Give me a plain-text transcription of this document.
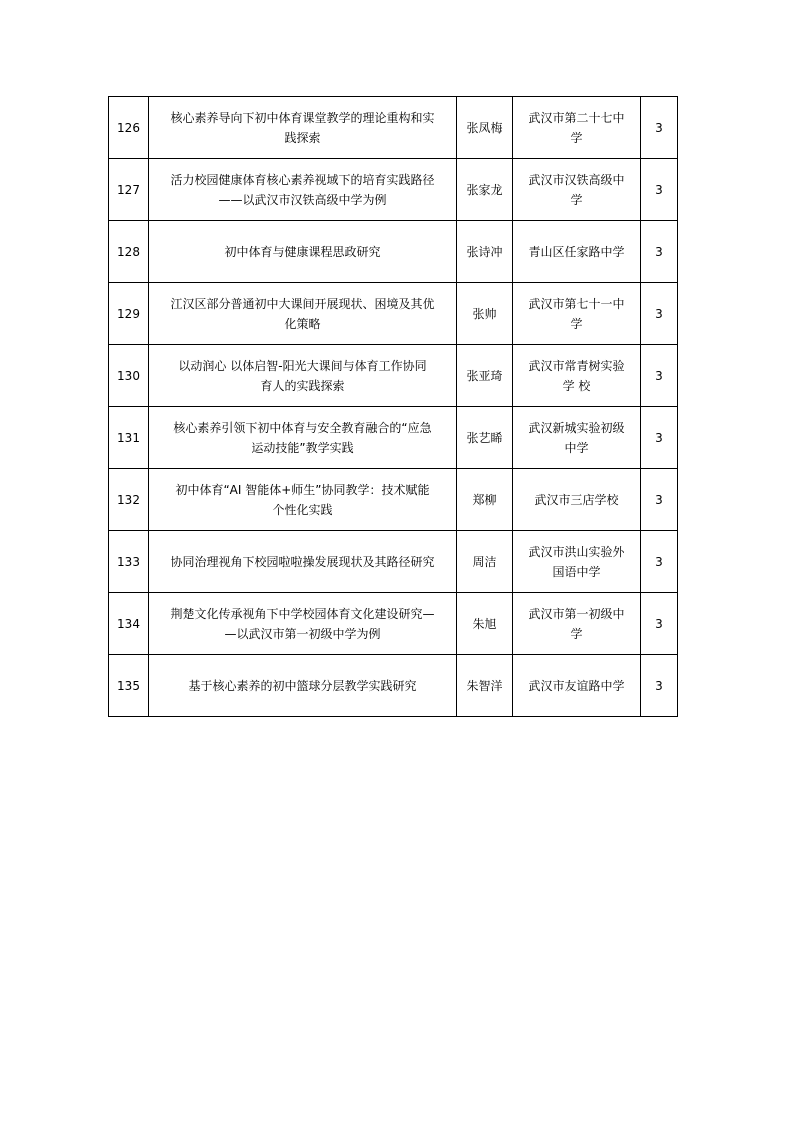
126	核心素养导向下初中体育课堂教学的理论重构和实
践探索	张凤梅	武汉市第二十七中
学	3
127	活力校园健康体育核心素养视域下的培育实践路径
——以武汉市汉铁高级中学为例	张家龙	武汉市汉铁高级中
学	3
128	初中体育与健康课程思政研究	张诗冲	青山区任家路中学	3
129	江汉区部分普通初中大课间开展现状、困境及其优
化策略	张帅	武汉市第七十一中
学	3
130	以动润心 以体启智-阳光大课间与体育工作协同
育人的实践探索	张亚琦	武汉市常青树实验
学 校	3
131	核心素养引领下初中体育与安全教育融合的“应急
运动技能”教学实践	张艺睎	武汉新城实验初级
中学	3
132	初中体育“AI 智能体+师生”协同教学：技术赋能
个性化实践	郑柳	武汉市三店学校	3
133	协同治理视角下校园啦啦操发展现状及其路径研究	周洁	武汉市洪山实验外
国语中学	3
134	荆楚文化传承视角下中学校园体育文化建设研究—
—以武汉市第一初级中学为例	朱旭	武汉市第一初级中
学	3
135	基于核心素养的初中篮球分层教学实践研究	朱智洋	武汉市友谊路中学	3
